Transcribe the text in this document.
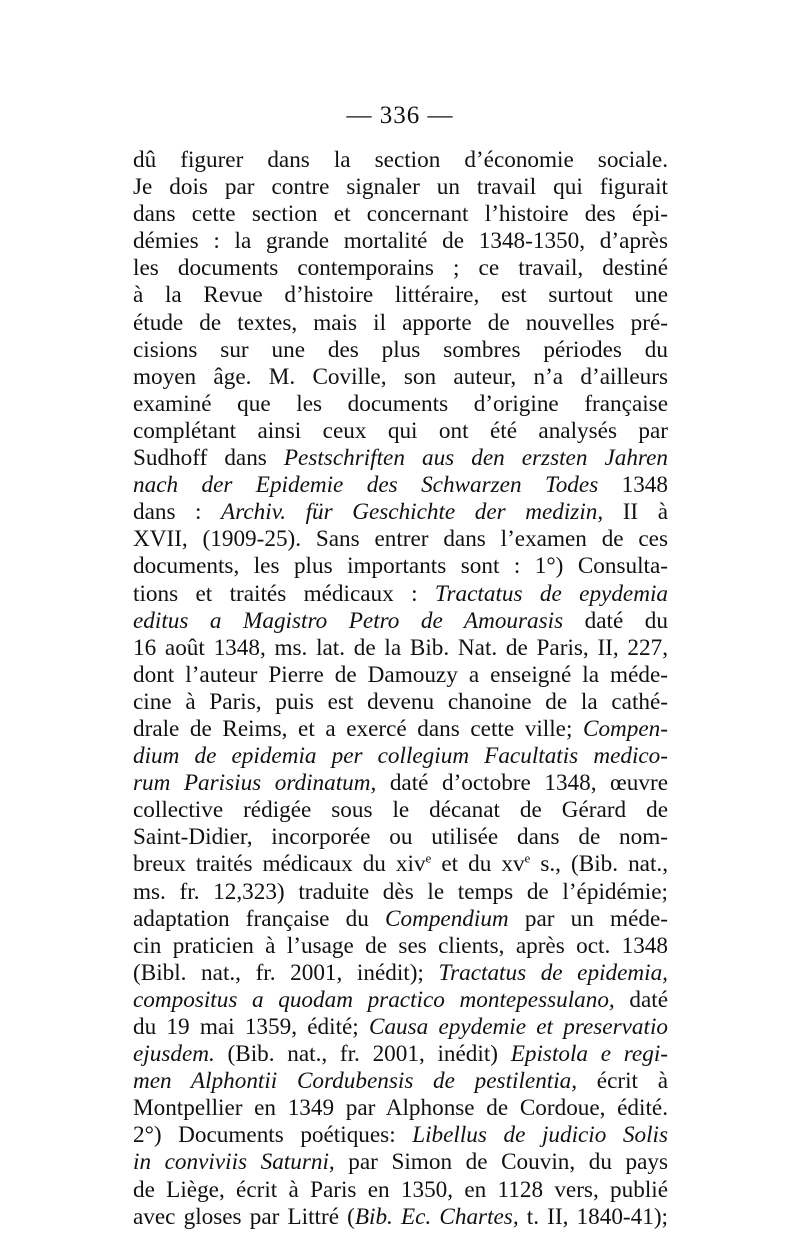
— 336 —
dû figurer dans la section d’économie sociale.
Je dois par contre signaler un travail qui figurait
dans cette section et concernant l’histoire des épi-
démies : la grande mortalité de 1348-1350, d’après
les documents contemporains ; ce travail, destiné
à la Revue d’histoire littéraire, est surtout une
étude de textes, mais il apporte de nouvelles pré-
cisions sur une des plus sombres périodes du
moyen âge. M. Coville, son auteur, n’a d’ailleurs
examiné que les documents d’origine française
complétant ainsi ceux qui ont été analysés par
Sudhoff dans Pestschriften aus den erzsten Jahren
nach der Epidemie des Schwarzen Todes 1348
dans : Archiv. für Geschichte der medizin, II à
XVII, (1909-25). Sans entrer dans l’examen de ces
documents, les plus importants sont : 1°) Consulta-
tions et traités médicaux : Tractatus de epydemia
editus a Magistro Petro de Amourasis daté du
16 août 1348, ms. lat. de la Bib. Nat. de Paris, II, 227,
dont l’auteur Pierre de Damouzy a enseigné la méde-
cine à Paris, puis est devenu chanoine de la cathé-
drale de Reims, et a exercé dans cette ville; Compen-
dium de epidemia per collegium Facultatis medico-
rum Parisius ordinatum, daté d’octobre 1348, œuvre
collective rédigée sous le décanat de Gérard de
Saint-Didier, incorporée ou utilisée dans de nom-
breux traités médicaux du xiv$^e$ et du $xv^e$ s., (Bib. nat.,
ms. fr. 12,323) traduite dès le temps de l’épidémie;
adaptation française du Compendium par un méde-
cin praticien à l’usage de ses clients, après oct. 1348
(Bibl. nat., fr. 2001, inédit); Tractatus de epidemia,
compositus a quodam practico montepessulano, daté
du 19 mai 1359, édité; Causa epydemie et preservatio
ejusdem. (Bib. nat., fr. 2001, inédit) Epistola e regi-
men Alphontii Cordubensis de pestilentia, écrit à
Montpellier en 1349 par Alphonse de Cordoue, édité.
2°) Documents poétiques: Libellus de judicio Solis
in conviviis Saturni, par Simon de Couvin, du pays
de Liège, écrit à Paris en 1350, en 1128 vers, publié
avec gloses par Littré (Bib. Ec. Chartes, t. II, 1840-41);
